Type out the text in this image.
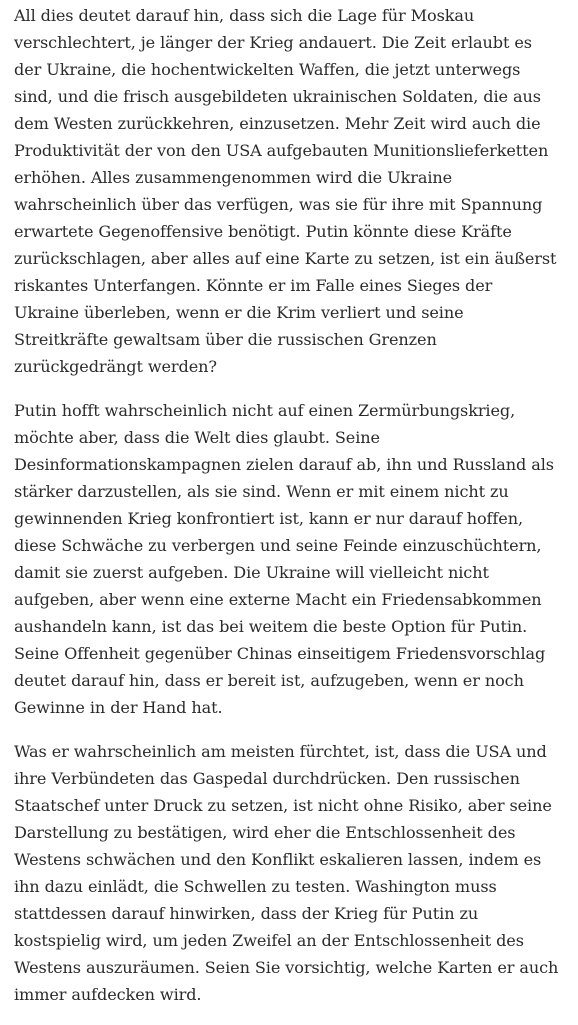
All dies deutet darauf hin, dass sich die Lage für Moskau verschlechtert, je länger der Krieg andauert. Die Zeit erlaubt es der Ukraine, die hochentwickelten Waffen, die jetzt unterwegs sind, und die frisch ausgebildeten ukrainischen Soldaten, die aus dem Westen zurückkehren, einzusetzen. Mehr Zeit wird auch die Produktivität der von den USA aufgebauten Munitionslieferketten erhöhen. Alles zusammengenommen wird die Ukraine wahrscheinlich über das verfügen, was sie für ihre mit Spannung erwartete Gegenoffensive benötigt. Putin könnte diese Kräfte zurückschlagen, aber alles auf eine Karte zu setzen, ist ein äußerst riskantes Unterfangen. Könnte er im Falle eines Sieges der Ukraine überleben, wenn er die Krim verliert und seine Streitkräfte gewaltsam über die russischen Grenzen zurückgedrängt werden?

Putin hofft wahrscheinlich nicht auf einen Zermürbungskrieg, möchte aber, dass die Welt dies glaubt. Seine Desinformationskampagnen zielen darauf ab, ihn und Russland als stärker darzustellen, als sie sind. Wenn er mit einem nicht zu gewinnenden Krieg konfrontiert ist, kann er nur darauf hoffen, diese Schwäche zu verbergen und seine Feinde einzuschüchtern, damit sie zuerst aufgeben. Die Ukraine will vielleicht nicht aufgeben, aber wenn eine externe Macht ein Friedensabkommen aushandeln kann, ist das bei weitem die beste Option für Putin. Seine Offenheit gegenüber Chinas einseitigem Friedensvorschlag deutet darauf hin, dass er bereit ist, aufzugeben, wenn er noch Gewinne in der Hand hat.

Was er wahrscheinlich am meisten fürchtet, ist, dass die USA und ihre Verbündeten das Gaspedal durchdrücken. Den russischen Staatschef unter Druck zu setzen, ist nicht ohne Risiko, aber seine Darstellung zu bestätigen, wird eher die Entschlossenheit des Westens schwächen und den Konflikt eskalieren lassen, indem es ihn dazu einlädt, die Schwellen zu testen. Washington muss stattdessen darauf hinwirken, dass der Krieg für Putin zu kostspielig wird, um jeden Zweifel an der Entschlossenheit des Westens auszuräumen. Seien Sie vorsichtig, welche Karten er auch immer aufdecken wird.
